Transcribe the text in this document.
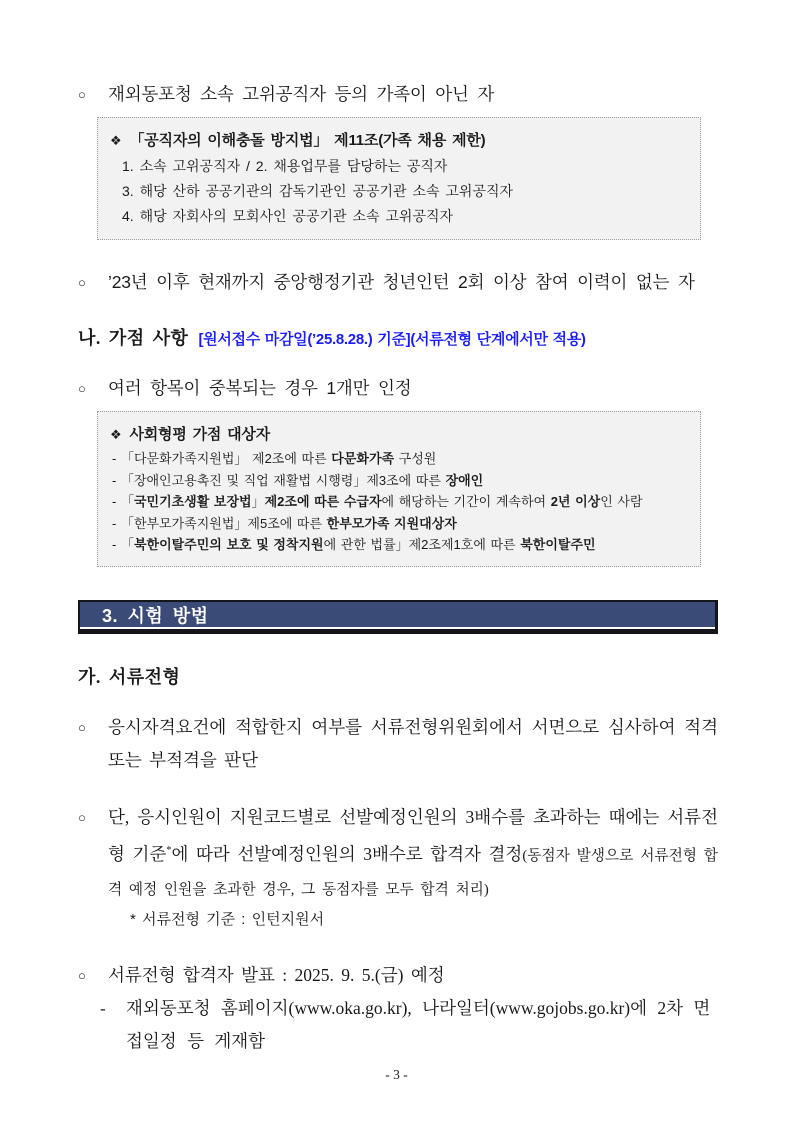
○	재외동포청 소속 고위공직자 등의 가족이 아닌 자
❖ 「공직자의 이해충돌 방지법」 제11조(가족 채용 제한)
1. 소속 고위공직자 / 2. 채용업무를 담당하는 공직자
3. 해당 산하 공공기관의 감독기관인 공공기관 소속 고위공직자
4. 해당 자회사의 모회사인 공공기관 소속 고위공직자
○	’23년 이후 현재까지 중앙행정기관 청년인턴 2회 이상 참여 이력이 없는 자
나. 가점 사항 [원서접수 마감일(’25.8.28.) 기준](서류전형 단계에서만 적용)
○	여러 항목이 중복되는 경우 1개만 인정
❖ 사회형평 가점 대상자
- 「다문화가족지원법」 제2조에 따른 다문화가족 구성원
- 「장애인고용촉진 및 직업 재활법 시행령」제3조에 따른 장애인
- 「국민기초생활 보장법」제2조에 따른 수급자에 해당하는 기간이 계속하여 2년 이상인 사람
- 「한부모가족지원법」제5조에 따른 한부모가족 지원대상자
- 「북한이탈주민의 보호 및 정착지원에 관한 법률」제2조제1호에 따른 북한이탈주민
3. 시험 방법
가. 서류전형
○	응시자격요건에 적합한지 여부를 서류전형위원회에서 서면으로 심사하여 적격 또는 부적격을 판단
○	단, 응시인원이 지원코드별로 선발예정인원의 3배수를 초과하는 때에는 서류전형 기준*에 따라 선발예정인원의 3배수로 합격자 결정(동점자 발생으로 서류전형 합격 예정 인원을 초과한 경우, 그 동점자를 모두 합격 처리)
* 서류전형 기준 : 인턴지원서
○	서류전형 합격자 발표 : 2025. 9. 5.(금) 예정
-	재외동포청 홈페이지(www.oka.go.kr), 나라일터(www.gojobs.go.kr)에 2차 면접일정 등 게재함
- 3 -
